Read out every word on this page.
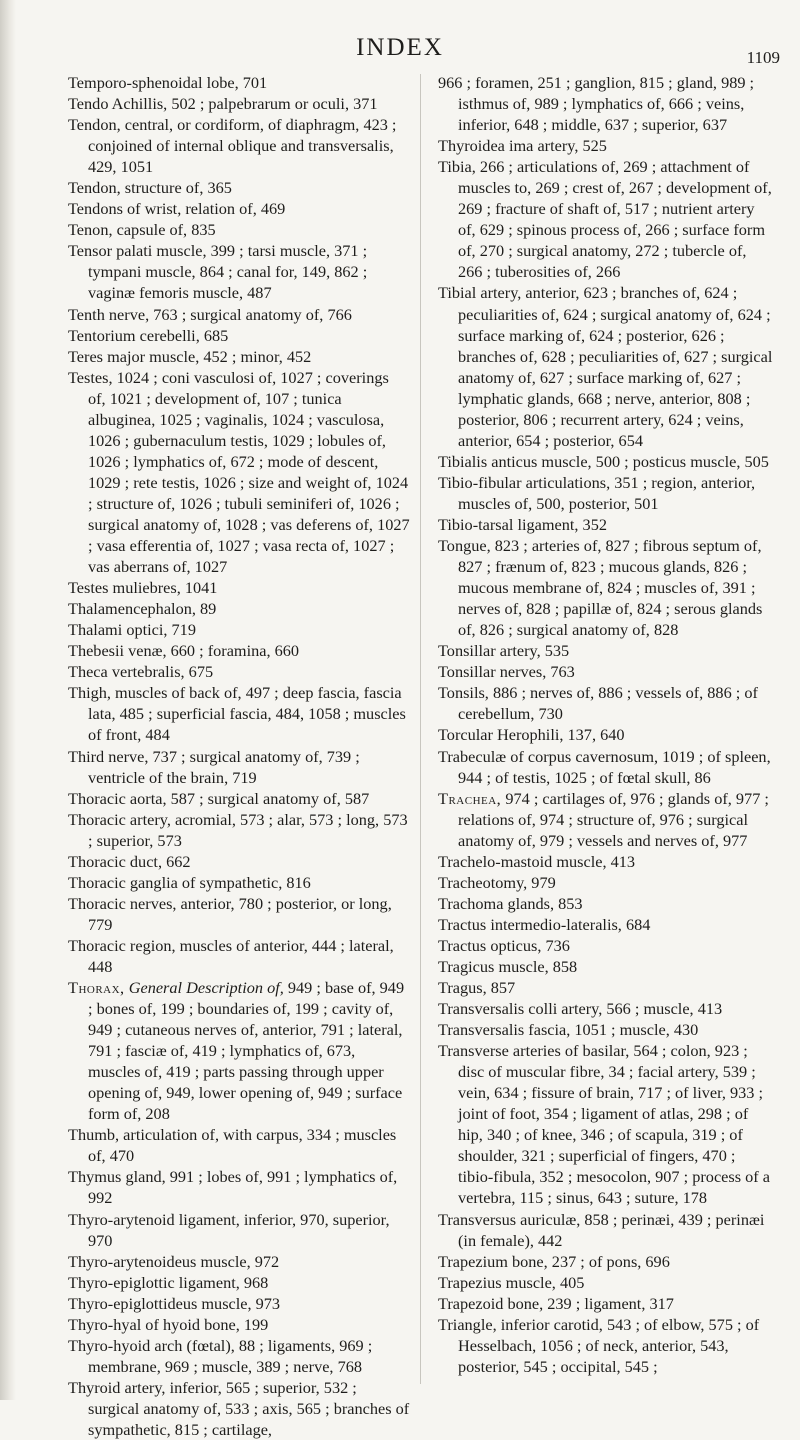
INDEX	1109
Temporo-sphenoidal lobe, 701
Tendo Achillis, 502 ; palpebrarum or oculi, 371
Tendon, central, or cordiform, of diaphragm, 423 ; conjoined of internal oblique and transversalis, 429, 1051
Tendon, structure of, 365
Tendons of wrist, relation of, 469
Tenon, capsule of, 835
Tensor palati muscle, 399 ; tarsi muscle, 371 ; tympani muscle, 864 ; canal for, 149, 862 ; vaginæ femoris muscle, 487
Tenth nerve, 763 ; surgical anatomy of, 766
Tentorium cerebelli, 685
Teres major muscle, 452 ; minor, 452
Testes, 1024 ; coni vasculosi of, 1027 ; coverings of, 1021 ; development of, 107 ; tunica albuginea, 1025 ; vaginalis, 1024 ; vasculosa, 1026 ; gubernaculum testis, 1029 ; lobules of, 1026 ; lymphatics of, 672 ; mode of descent, 1029 ; rete testis, 1026 ; size and weight of, 1024 ; structure of, 1026 ; tubuli seminiferi of, 1026 ; surgical anatomy of, 1028 ; vas deferens of, 1027 ; vasa efferentia of, 1027 ; vasa recta of, 1027 ; vas aberrans of, 1027
Testes muliebres, 1041
Thalamencephalon, 89
Thalami optici, 719
Thebesii venæ, 660 ; foramina, 660
Theca vertebralis, 675
Thigh, muscles of back of, 497 ; deep fascia, fascia lata, 485 ; superficial fascia, 484, 1058 ; muscles of front, 484
Third nerve, 737 ; surgical anatomy of, 739 ; ventricle of the brain, 719
Thoracic aorta, 587 ; surgical anatomy of, 587
Thoracic artery, acromial, 573 ; alar, 573 ; long, 573 ; superior, 573
Thoracic duct, 662
Thoracic ganglia of sympathetic, 816
Thoracic nerves, anterior, 780 ; posterior, or long, 779
Thoracic region, muscles of anterior, 444 ; lateral, 448
Thorax, General Description of, 949 ; base of, 949 ; bones of, 199 ; boundaries of, 199 ; cavity of, 949 ; cutaneous nerves of, anterior, 791 ; lateral, 791 ; fasciæ of, 419 ; lymphatics of, 673, muscles of, 419 ; parts passing through upper opening of, 949, lower opening of, 949 ; surface form of, 208
Thumb, articulation of, with carpus, 334 ; muscles of, 470
Thymus gland, 991 ; lobes of, 991 ; lymphatics of, 992
Thyro-arytenoid ligament, inferior, 970, superior, 970
Thyro-arytenoideus muscle, 972
Thyro-epiglottic ligament, 968
Thyro-epiglottideus muscle, 973
Thyro-hyal of hyoid bone, 199
Thyro-hyoid arch (fœtal), 88 ; ligaments, 969 ; membrane, 969 ; muscle, 389 ; nerve, 768
Thyroid artery, inferior, 565 ; superior, 532 ; surgical anatomy of, 533 ; axis, 565 ; branches of sympathetic, 815 ; cartilage,
966 ; foramen, 251 ; ganglion, 815 ; gland, 989 ; isthmus of, 989 ; lymphatics of, 666 ; veins, inferior, 648 ; middle, 637 ; superior, 637
Thyroidea ima artery, 525
Tibia, 266 ; articulations of, 269 ; attachment of muscles to, 269 ; crest of, 267 ; development of, 269 ; fracture of shaft of, 517 ; nutrient artery of, 629 ; spinous process of, 266 ; surface form of, 270 ; surgical anatomy, 272 ; tubercle of, 266 ; tuberosities of, 266
Tibial artery, anterior, 623 ; branches of, 624 ; peculiarities of, 624 ; surgical anatomy of, 624 ; surface marking of, 624 ; posterior, 626 ; branches of, 628 ; peculiarities of, 627 ; surgical anatomy of, 627 ; surface marking of, 627 ; lymphatic glands, 668 ; nerve, anterior, 808 ; posterior, 806 ; recurrent artery, 624 ; veins, anterior, 654 ; posterior, 654
Tibialis anticus muscle, 500 ; posticus muscle, 505
Tibio-fibular articulations, 351 ; region, anterior, muscles of, 500, posterior, 501
Tibio-tarsal ligament, 352
Tongue, 823 ; arteries of, 827 ; fibrous septum of, 827 ; frænum of, 823 ; mucous glands, 826 ; mucous membrane of, 824 ; muscles of, 391 ; nerves of, 828 ; papillæ of, 824 ; serous glands of, 826 ; surgical anatomy of, 828
Tonsillar artery, 535
Tonsillar nerves, 763
Tonsils, 886 ; nerves of, 886 ; vessels of, 886 ; of cerebellum, 730
Torcular Herophili, 137, 640
Trabeculæ of corpus cavernosum, 1019 ; of spleen, 944 ; of testis, 1025 ; of fœtal skull, 86
Trachea, 974 ; cartilages of, 976 ; glands of, 977 ; relations of, 974 ; structure of, 976 ; surgical anatomy of, 979 ; vessels and nerves of, 977
Trachelo-mastoid muscle, 413
Tracheotomy, 979
Trachoma glands, 853
Tractus intermedio-lateralis, 684
Tractus opticus, 736
Tragicus muscle, 858
Tragus, 857
Transversalis colli artery, 566 ; muscle, 413
Transversalis fascia, 1051 ; muscle, 430
Transverse arteries of basilar, 564 ; colon, 923 ; disc of muscular fibre, 34 ; facial artery, 539 ; vein, 634 ; fissure of brain, 717 ; of liver, 933 ; joint of foot, 354 ; ligament of atlas, 298 ; of hip, 340 ; of knee, 346 ; of scapula, 319 ; of shoulder, 321 ; superficial of fingers, 470 ; tibio-fibula, 352 ; mesocolon, 907 ; process of a vertebra, 115 ; sinus, 643 ; suture, 178
Transversus auriculæ, 858 ; perinæi, 439 ; perinæi (in female), 442
Trapezium bone, 237 ; of pons, 696
Trapezius muscle, 405
Trapezoid bone, 239 ; ligament, 317
Triangle, inferior carotid, 543 ; of elbow, 575 ; of Hesselbach, 1056 ; of neck, anterior, 543, posterior, 545 ; occipital, 545 ;
